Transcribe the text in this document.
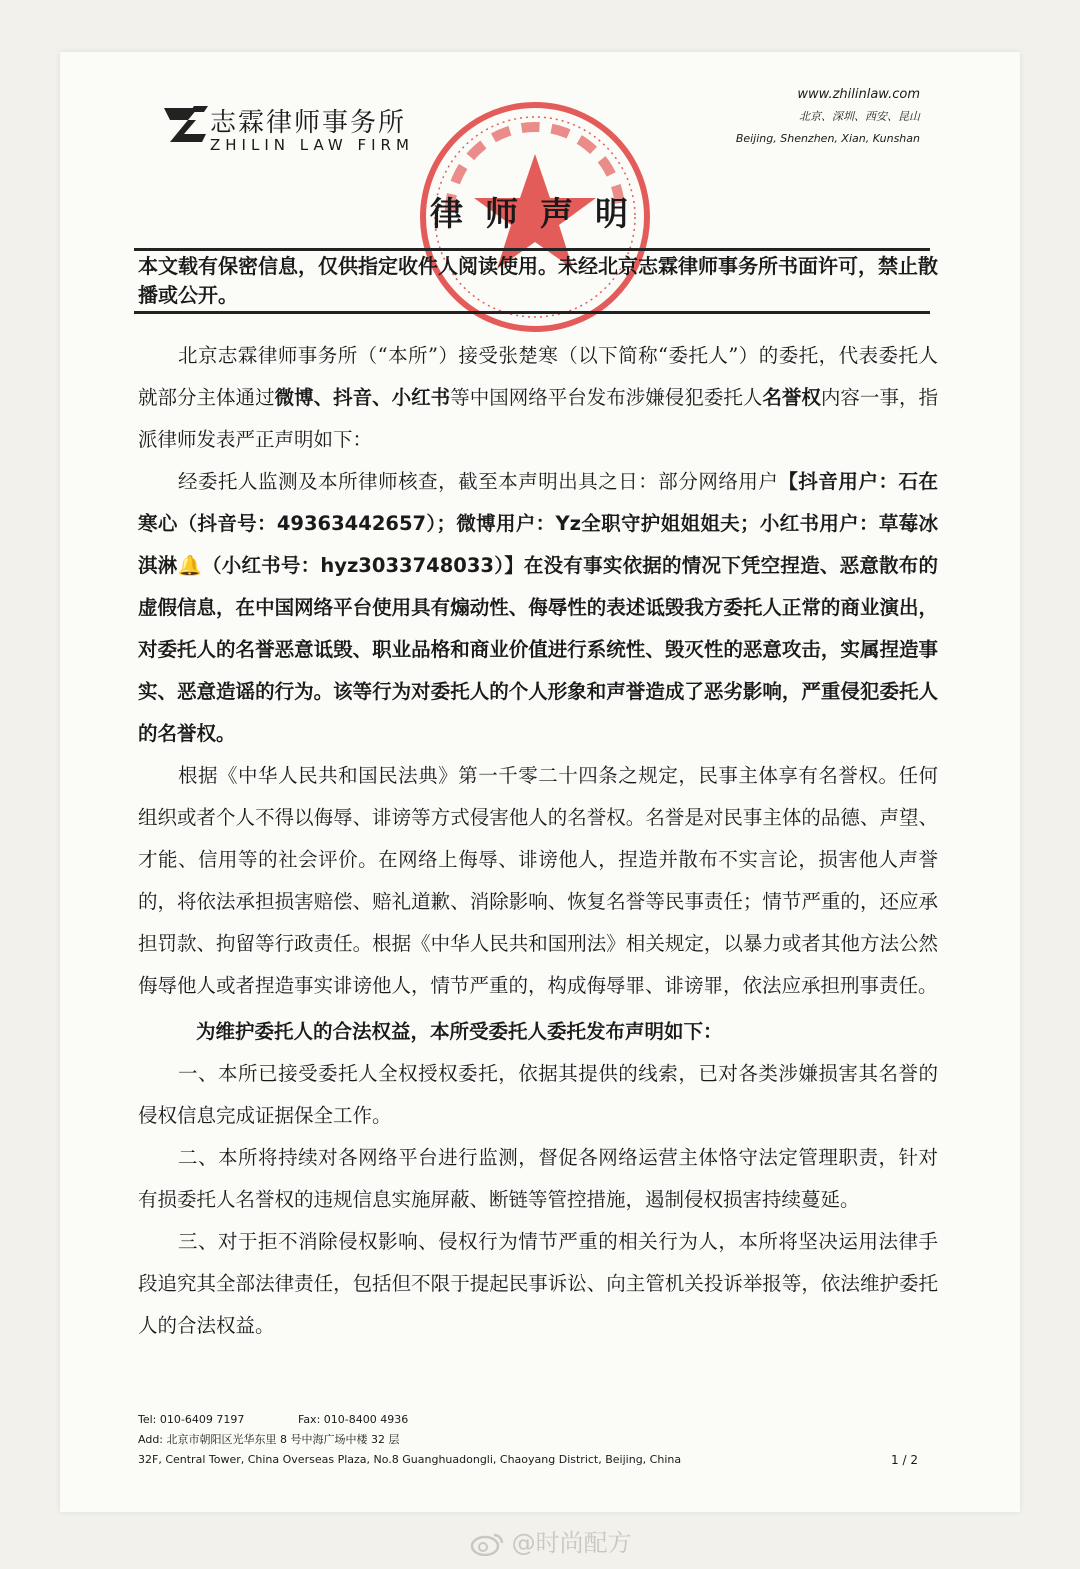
志霖律师事务所
ZHILIN LAW FIRM
www.zhilinlaw.com
北京、深圳、西安、昆山
Beijing, Shenzhen, Xian, Kunshan
律师声明
本文载有保密信息，仅供指定收件人阅读使用。未经北京志霖律师事务所书面许可，禁止散播或公开。

北京志霖律师事务所（“本所”）接受张楚寒（以下简称“委托人”）的委托，代表委托人就部分主体通过微博、抖音、小红书等中国网络平台发布涉嫌侵犯委托人名誉权内容一事，指派律师发表严正声明如下：

经委托人监测及本所律师核查，截至本声明出具之日：部分网络用户【抖音用户：石在寒心（抖音号：49363442657）；微博用户：Yz全职守护姐姐姐夫；小红书用户：草莓冰淇淋🔔（小红书号：hyz3033748033）】在没有事实依据的情况下凭空捏造、恶意散布的虚假信息，在中国网络平台使用具有煽动性、侮辱性的表述诋毁我方委托人正常的商业演出，对委托人的名誉恶意诋毁、职业品格和商业价值进行系统性、毁灭性的恶意攻击，实属捏造事实、恶意造谣的行为。该等行为对委托人的个人形象和声誉造成了恶劣影响，严重侵犯委托人的名誉权。

根据《中华人民共和国民法典》第一千零二十四条之规定，民事主体享有名誉权。任何组织或者个人不得以侮辱、诽谤等方式侵害他人的名誉权。名誉是对民事主体的品德、声望、才能、信用等的社会评价。在网络上侮辱、诽谤他人，捏造并散布不实言论，损害他人声誉的，将依法承担损害赔偿、赔礼道歉、消除影响、恢复名誉等民事责任；情节严重的，还应承担罚款、拘留等行政责任。根据《中华人民共和国刑法》相关规定，以暴力或者其他方法公然侮辱他人或者捏造事实诽谤他人，情节严重的，构成侮辱罪、诽谤罪，依法应承担刑事责任。

为维护委托人的合法权益，本所受委托人委托发布声明如下：

一、本所已接受委托人全权授权委托，依据其提供的线索，已对各类涉嫌损害其名誉的侵权信息完成证据保全工作。

二、本所将持续对各网络平台进行监测，督促各网络运营主体恪守法定管理职责，针对有损委托人名誉权的违规信息实施屏蔽、断链等管控措施，遏制侵权损害持续蔓延。

三、对于拒不消除侵权影响、侵权行为情节严重的相关行为人，本所将坚决运用法律手段追究其全部法律责任，包括但不限于提起民事诉讼、向主管机关投诉举报等，依法维护委托人的合法权益。

Tel: 010-6409 7197	Fax: 010-8400 4936
Add: 北京市朝阳区光华东里 8 号中海广场中楼 32 层
32F, Central Tower, China Overseas Plaza, No.8 Guanghuadongli, Chaoyang District, Beijing, China	1 / 2
@时尚配方
